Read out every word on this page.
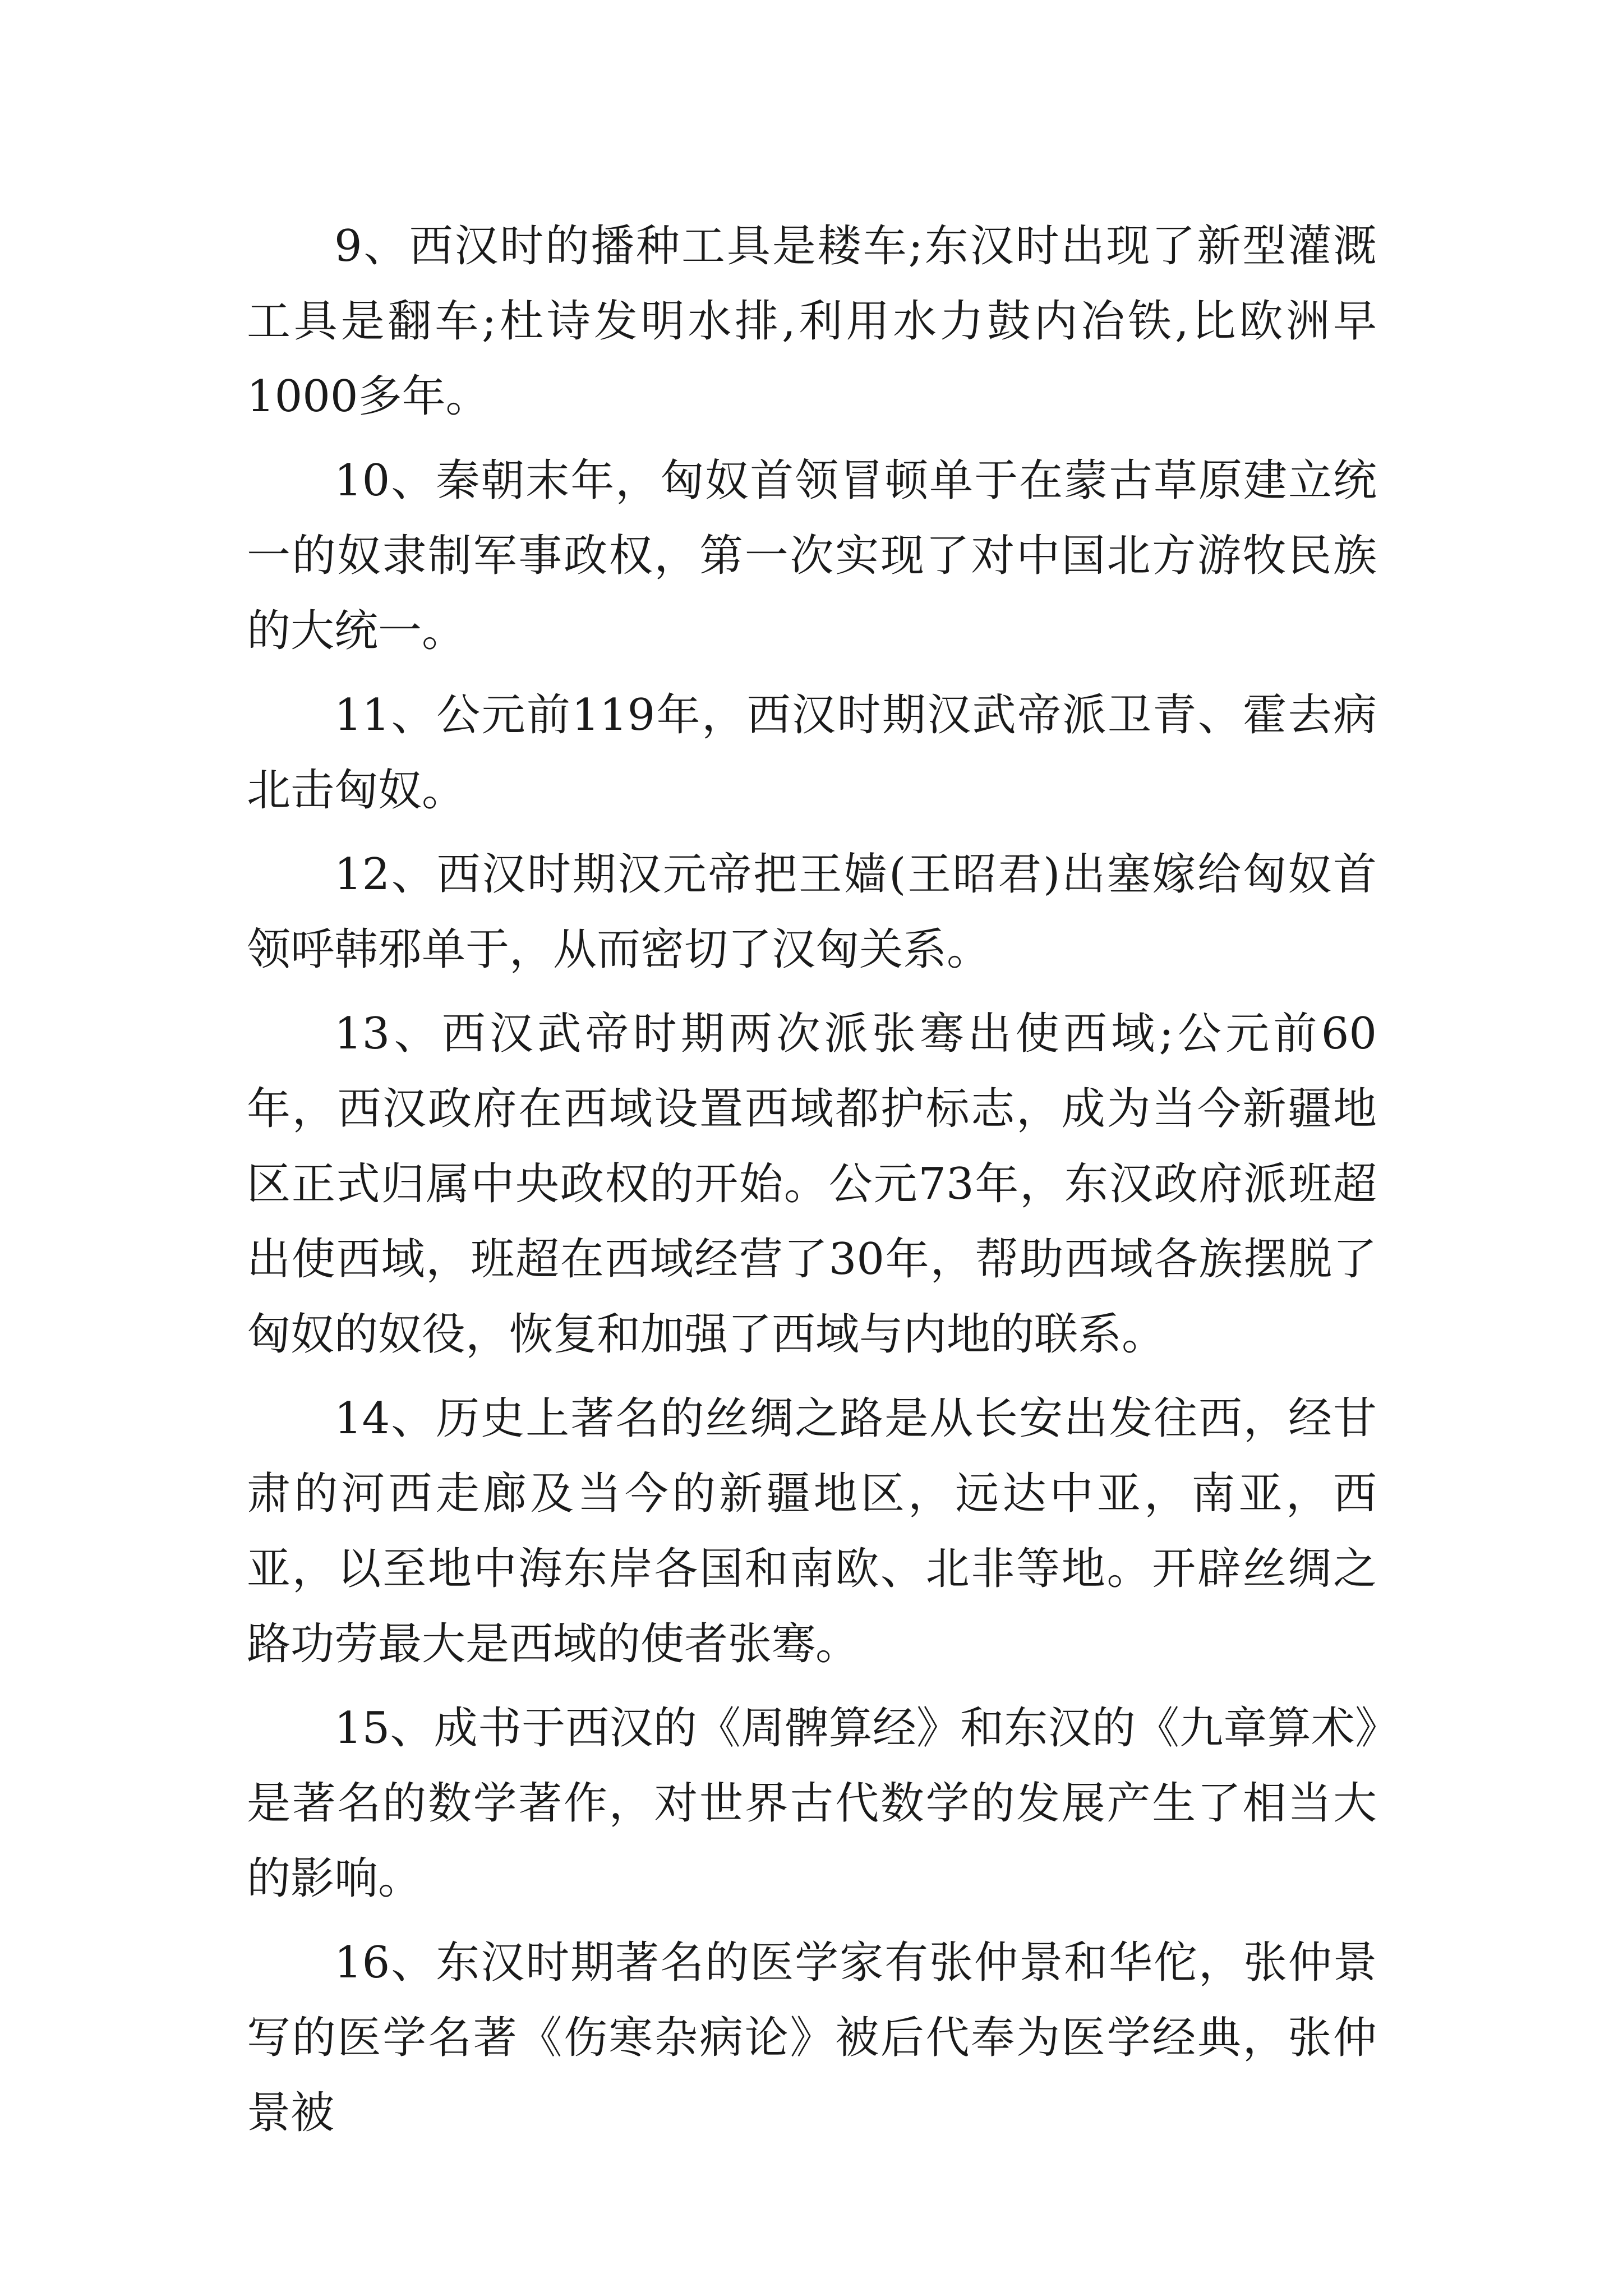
9、西汉时的播种工具是耧车;东汉时出现了新型灌溉工具是翻车;杜诗发明水排,利用水力鼓内冶铁,比欧洲早1000多年。

10、秦朝末年，匈奴首领冒顿单于在蒙古草原建立统一的奴隶制军事政权，第一次实现了对中国北方游牧民族的大统一。

11、公元前119年，西汉时期汉武帝派卫青、霍去病北击匈奴。

12、西汉时期汉元帝把王嫱(王昭君)出塞嫁给匈奴首领呼韩邪单于，从而密切了汉匈关系。

13、西汉武帝时期两次派张骞出使西域;公元前60年，西汉政府在西域设置西域都护标志，成为当今新疆地区正式归属中央政权的开始。公元73年，东汉政府派班超出使西域，班超在西域经营了30年，帮助西域各族摆脱了匈奴的奴役，恢复和加强了西域与内地的联系。

14、历史上著名的丝绸之路是从长安出发往西，经甘肃的河西走廊及当今的新疆地区，远达中亚，南亚，西亚，以至地中海东岸各国和南欧、北非等地。开辟丝绸之路功劳最大是西域的使者张骞。

15、成书于西汉的《周髀算经》和东汉的《九章算术》是著名的数学著作，对世界古代数学的发展产生了相当大的影响。

16、东汉时期著名的医学家有张仲景和华佗，张仲景写的医学名著《伤寒杂病论》被后代奉为医学经典，张仲景被
